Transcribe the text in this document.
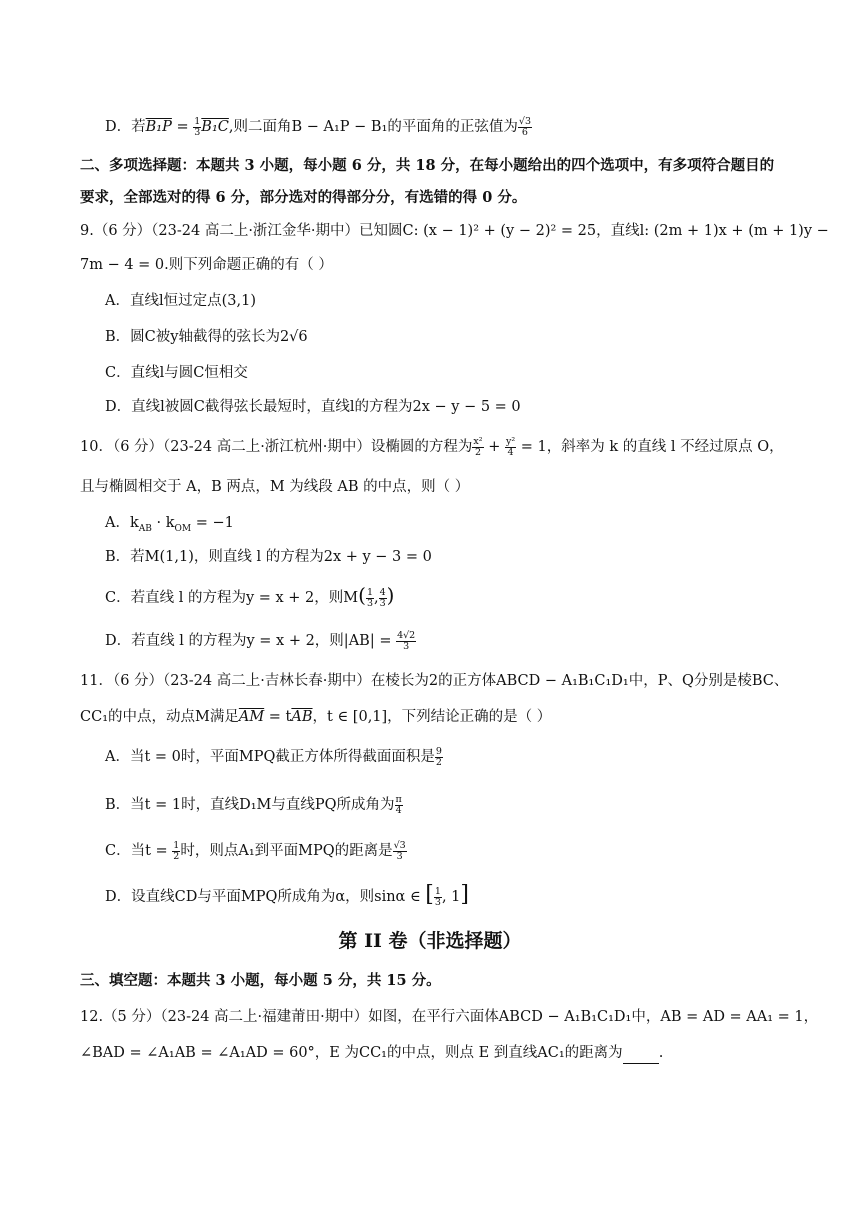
D．若$B_1P = \frac{1}{3} B_1C$,则二面角B − A₁P − B₁的平面角的正弦值为 $\frac{√3}{6}$
二、多项选择题：本题共 3 小题，每小题 6 分，共 18 分，在每小题给出的四个选项中，有多项符合题目的
要求，全部选对的得 6 分，部分选对的得部分分，有选错的得 0 分。
9.（6 分）（23-24 高二上·浙江金华·期中）已知圆C: (x − 1)² + (y − 2)² = 25，直线l: (2m + 1)x + (m + 1)y −
7m − 4 = 0.则下列命题正确的有（ ）
A．直线l恒过定点(3,1)
B．圆C被y轴截得的弦长为2√6
C．直线l与圆C恒相交
D．直线l被圆C截得弦长最短时，直线l的方程为2x − y − 5 = 0
10．（6 分）（23-24 高二上·浙江杭州·期中）设椭圆的方程为 $\frac{\text{x²}}{2} + \frac{\text{y²}}{4} = 1$，斜率为 k 的直线 l 不经过原点 O，
且与椭圆相交于 A，B 两点，M 为线段 AB 的中点，则（ ）
A．$k_{AB} \cdot k_{OM} = -1$
B．若M(1,1)，则直线 l 的方程为2x + y − 3 = 0
C．若直线 l 的方程为y = x + 2，则$M( \frac{1}{3}$ , $\frac{4}{3}$ )
D．若直线 l 的方程为y = x + 2，则$|AB| = \frac{4√2}{3}$
11．（6 分）（23-24 高二上·吉林长春·期中）在棱长为2的正方体ABCD − A₁B₁C₁D₁中，P、Q分别是棱BC、
CC₁的中点，动点M满足$\overline{AM} = t\overline{AB}$，t ∈ [0,1]，下列结论正确的是（ ）
A．当t = 0时，平面MPQ截正方体所得截面面积是 $\frac{9}{2}$
B．当t = 1时，直线D₁M与直线PQ所成角为 $\frac{\pi}{4}$
C．当$t = \frac{1}{2}$ 时，则点A₁到平面MPQ的距离是 $\frac{√3}{3}$
D．设直线CD与平面MPQ所成角为α，则sinα ∈ [ $\frac{1}{3}$ , 1]
第 II 卷（非选择题）
三、填空题：本题共 3 小题，每小题 5 分，共 15 分。
12.（5 分）（23-24 高二上·福建莆田·期中）如图，在平行六面体ABCD − A₁B₁C₁D₁中，AB = AD = AA₁ = 1，
∠BAD = ∠A₁AB = ∠A₁AD = 60°，E 为CC₁的中点，则点 E 到直线AC₁的距离为 .
